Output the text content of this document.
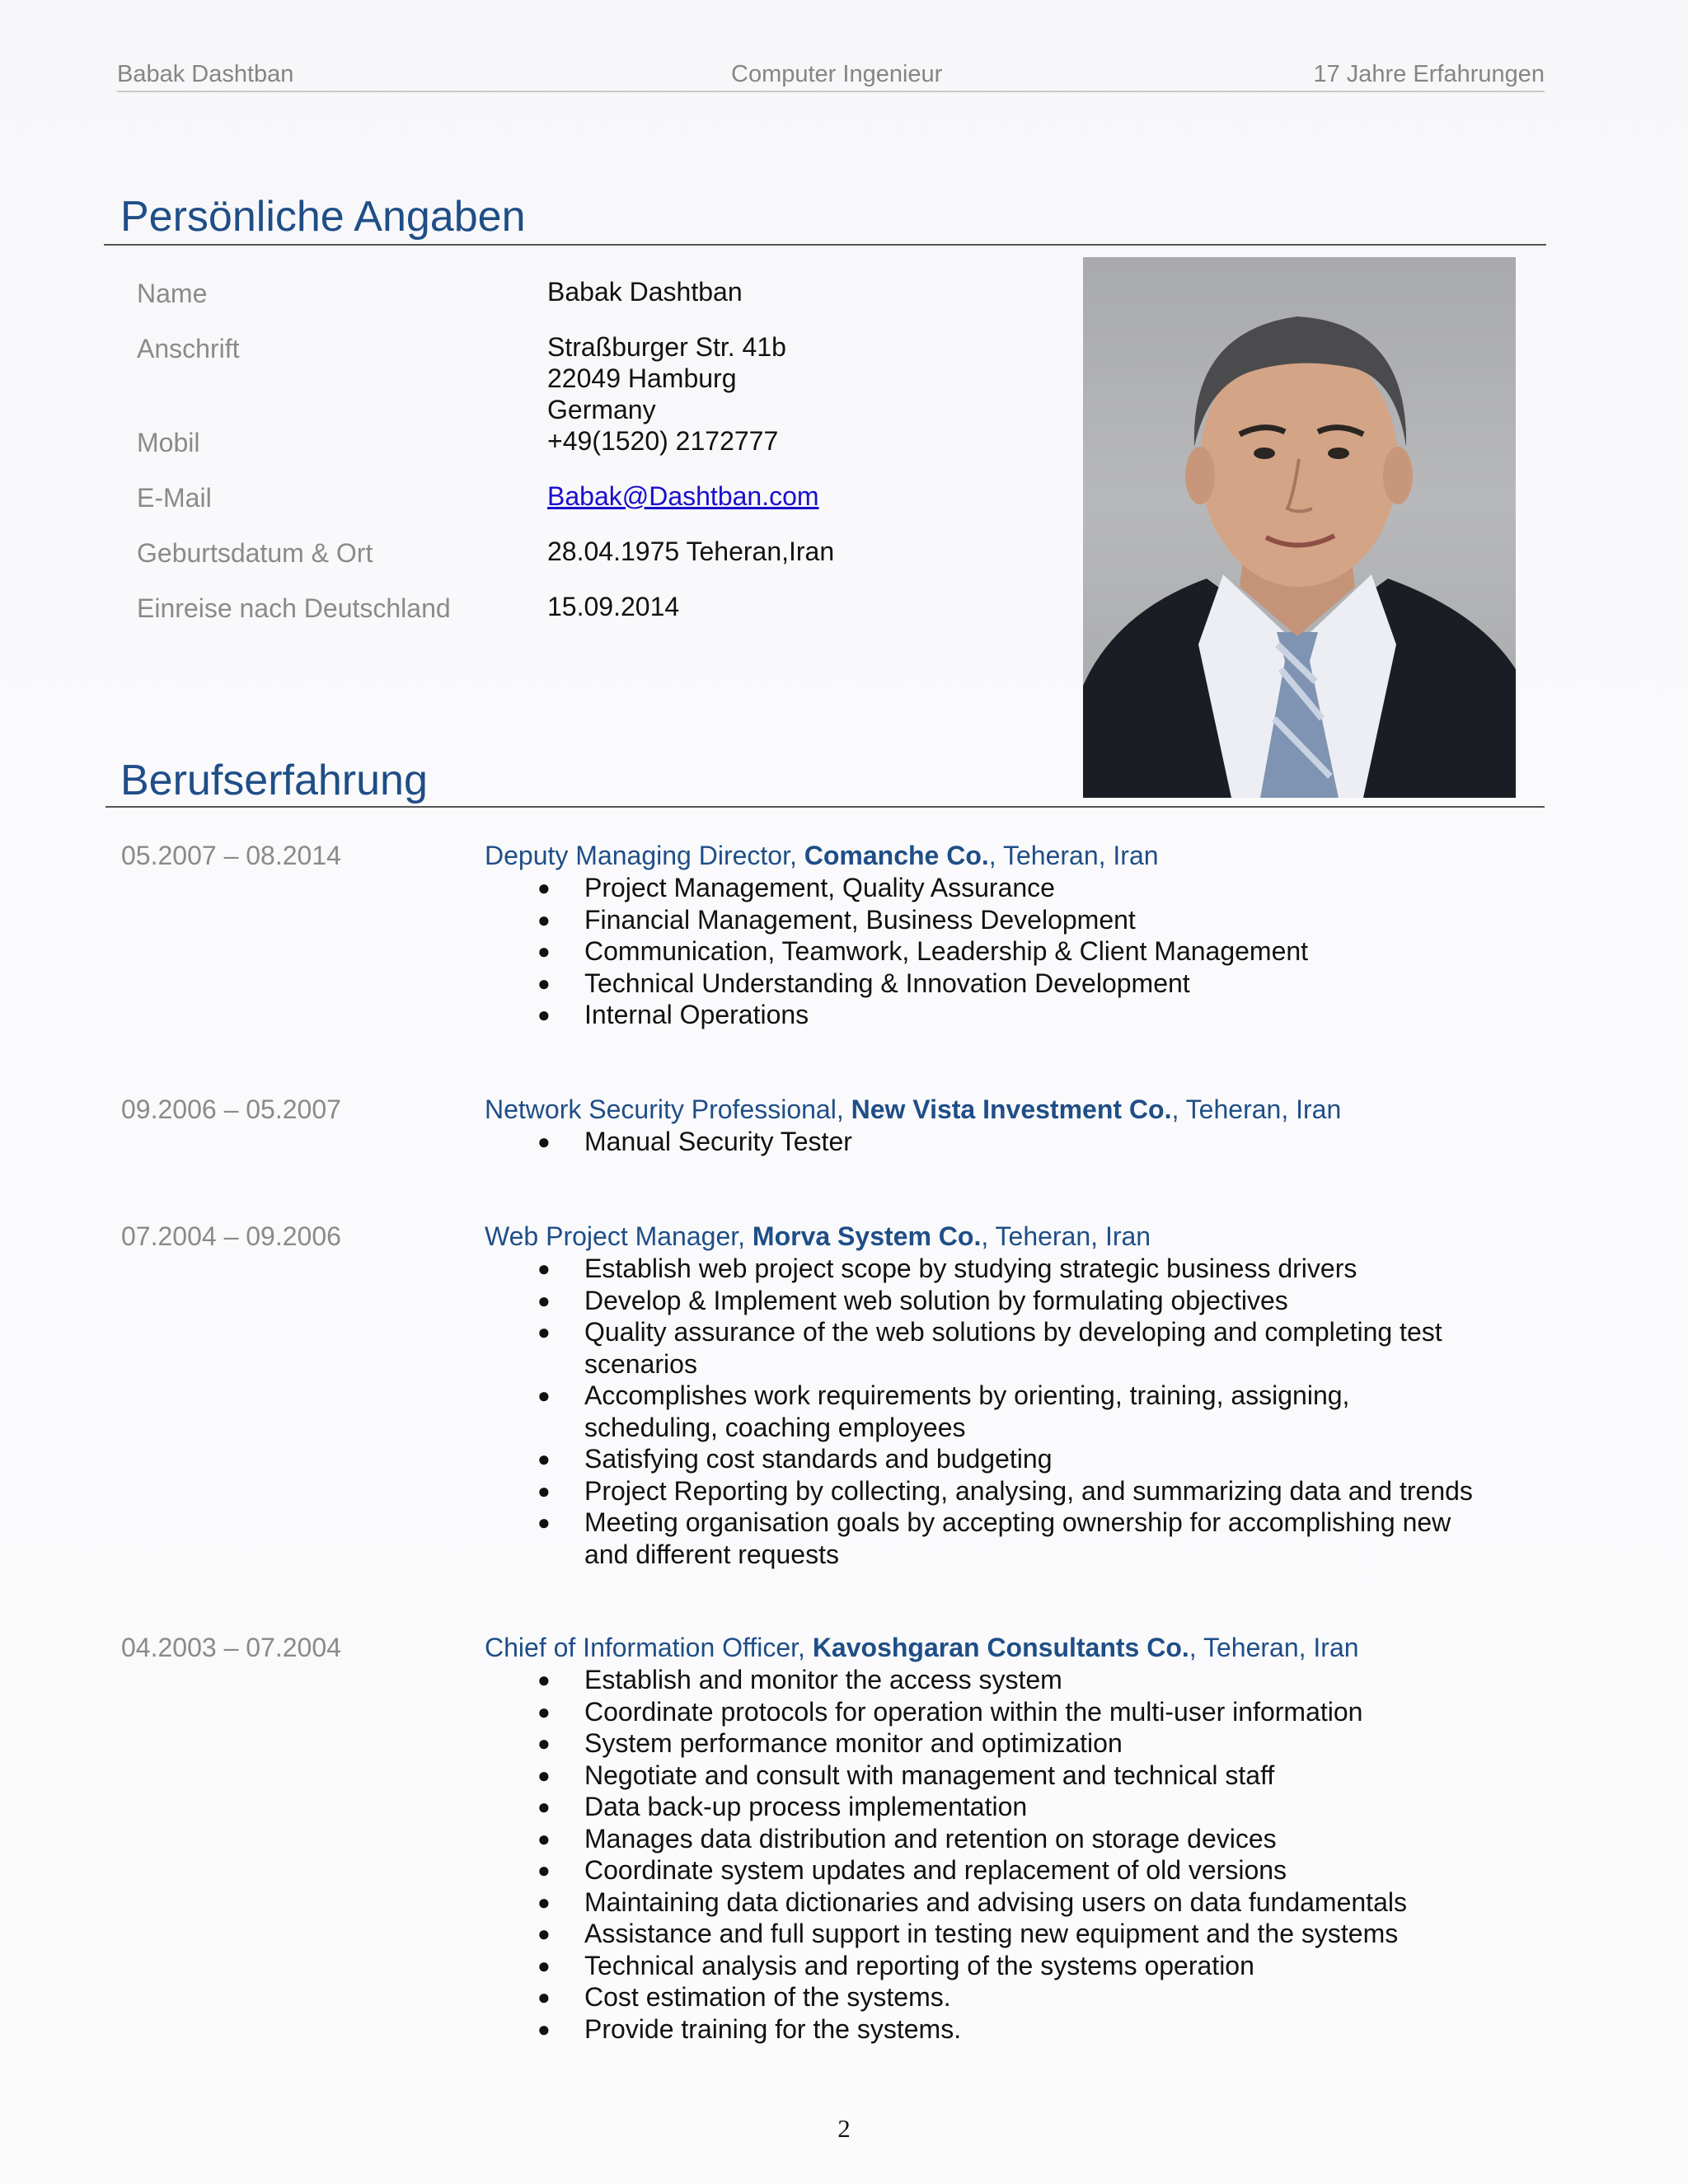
Babak Dashtban	Computer Ingenieur	17 Jahre Erfahrungen
Persönliche Angaben
Name	Babak Dashtban
Anschrift	Straßburger Str. 41b
22049 Hamburg
Germany
Mobil	+49(1520) 2172777
E-Mail	Babak@Dashtban.com
Geburtsdatum & Ort	28.04.1975 Teheran,Iran
Einreise nach Deutschland	15.09.2014
Berufserfahrung
05.2007 – 08.2014	Deputy Managing Director, Comanche Co., Teheran, Iran
● Project Management, Quality Assurance
● Financial Management, Business Development
● Communication, Teamwork, Leadership & Client Management
● Technical Understanding & Innovation Development
● Internal Operations
09.2006 – 05.2007	Network Security Professional, New Vista Investment Co., Teheran, Iran
● Manual Security Tester
07.2004 – 09.2006	Web Project Manager, Morva System Co., Teheran, Iran
● Establish web project scope by studying strategic business drivers
● Develop & Implement web solution by formulating objectives
● Quality assurance of the web solutions by developing and completing test scenarios
● Accomplishes work requirements by orienting, training, assigning, scheduling, coaching employees
● Satisfying cost standards and budgeting
● Project Reporting by collecting, analysing, and summarizing data and trends
● Meeting organisation goals by accepting ownership for accomplishing new and different requests
04.2003 – 07.2004	Chief of Information Officer, Kavoshgaran Consultants Co., Teheran, Iran
● Establish and monitor the access system
● Coordinate protocols for operation within the multi-user information
● System performance monitor and optimization
● Negotiate and consult with management and technical staff
● Data back-up process implementation
● Manages data distribution and retention on storage devices
● Coordinate system updates and replacement of old versions
● Maintaining data dictionaries and advising users on data fundamentals
● Assistance and full support in testing new equipment and the systems
● Technical analysis and reporting of the systems operation
● Cost estimation of the systems.
● Provide training for the systems.
2
